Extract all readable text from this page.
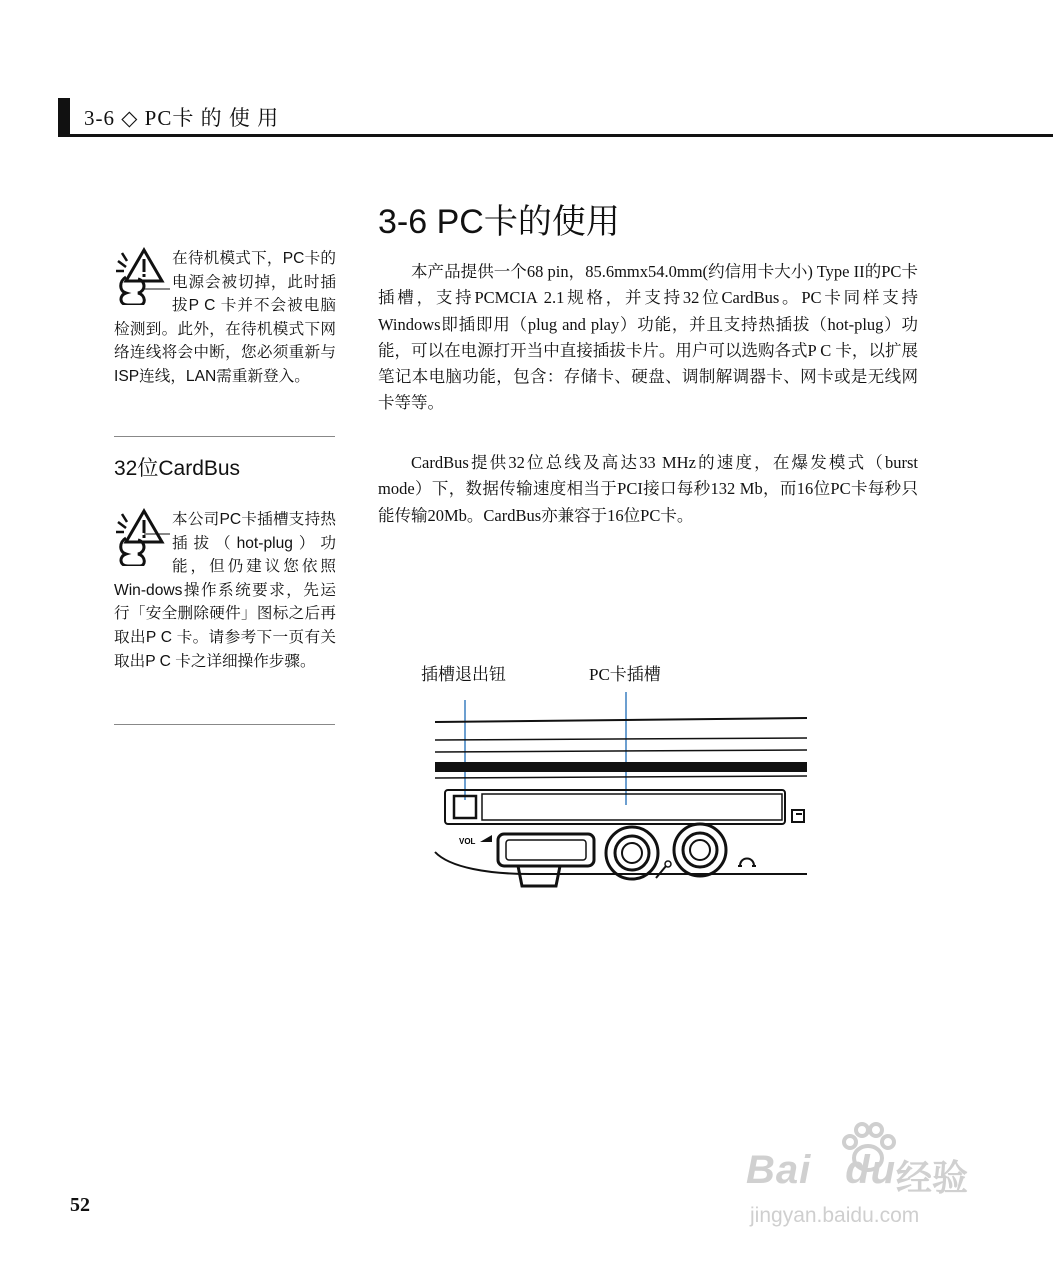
3-6 ◇ PC卡 的 使 用
3-6 PC卡的使用

本产品提供一个68 pin，85.6mmx54.0mm(约信用卡大小) Type II的PC卡插槽，支持PCMCIA 2.1规格，并支持32位CardBus。PC卡同样支持Windows即插即用（plug and play）功能，并且支持热插拔（hot-plug）功能，可以在电源打开当中直接插拔卡片。用户可以选购各式P C 卡，以扩展笔记本电脑功能，包含：存储卡、硬盘、调制解调器卡、网卡或是无线网卡等等。

CardBus提供32位总线及高达33 MHz的速度，在爆发模式（burst mode）下，数据传输速度相当于PCI接口每秒132 Mb，而16位PC卡每秒只能传输20Mb。CardBus亦兼容于16位PC卡。

在待机模式下，PC卡的电源会被切掉，此时插拔P C 卡并不会被电脑检测到。此外，在待机模式下网络连线将会中断，您必须重新与ISP连线，LAN需重新登入。
32位CardBus
本公司PC卡插槽支持热插拔（hot-plug）功能，但仍建议您依照Win-dows操作系统要求，先运行「安全删除硬件」图标之后再取出P C 卡。请参考下一页有关取出P C 卡之详细操作步骤。
插槽退出钮	PC卡插槽
VOL
52
Bai du 经验
jingyan.baidu.com
